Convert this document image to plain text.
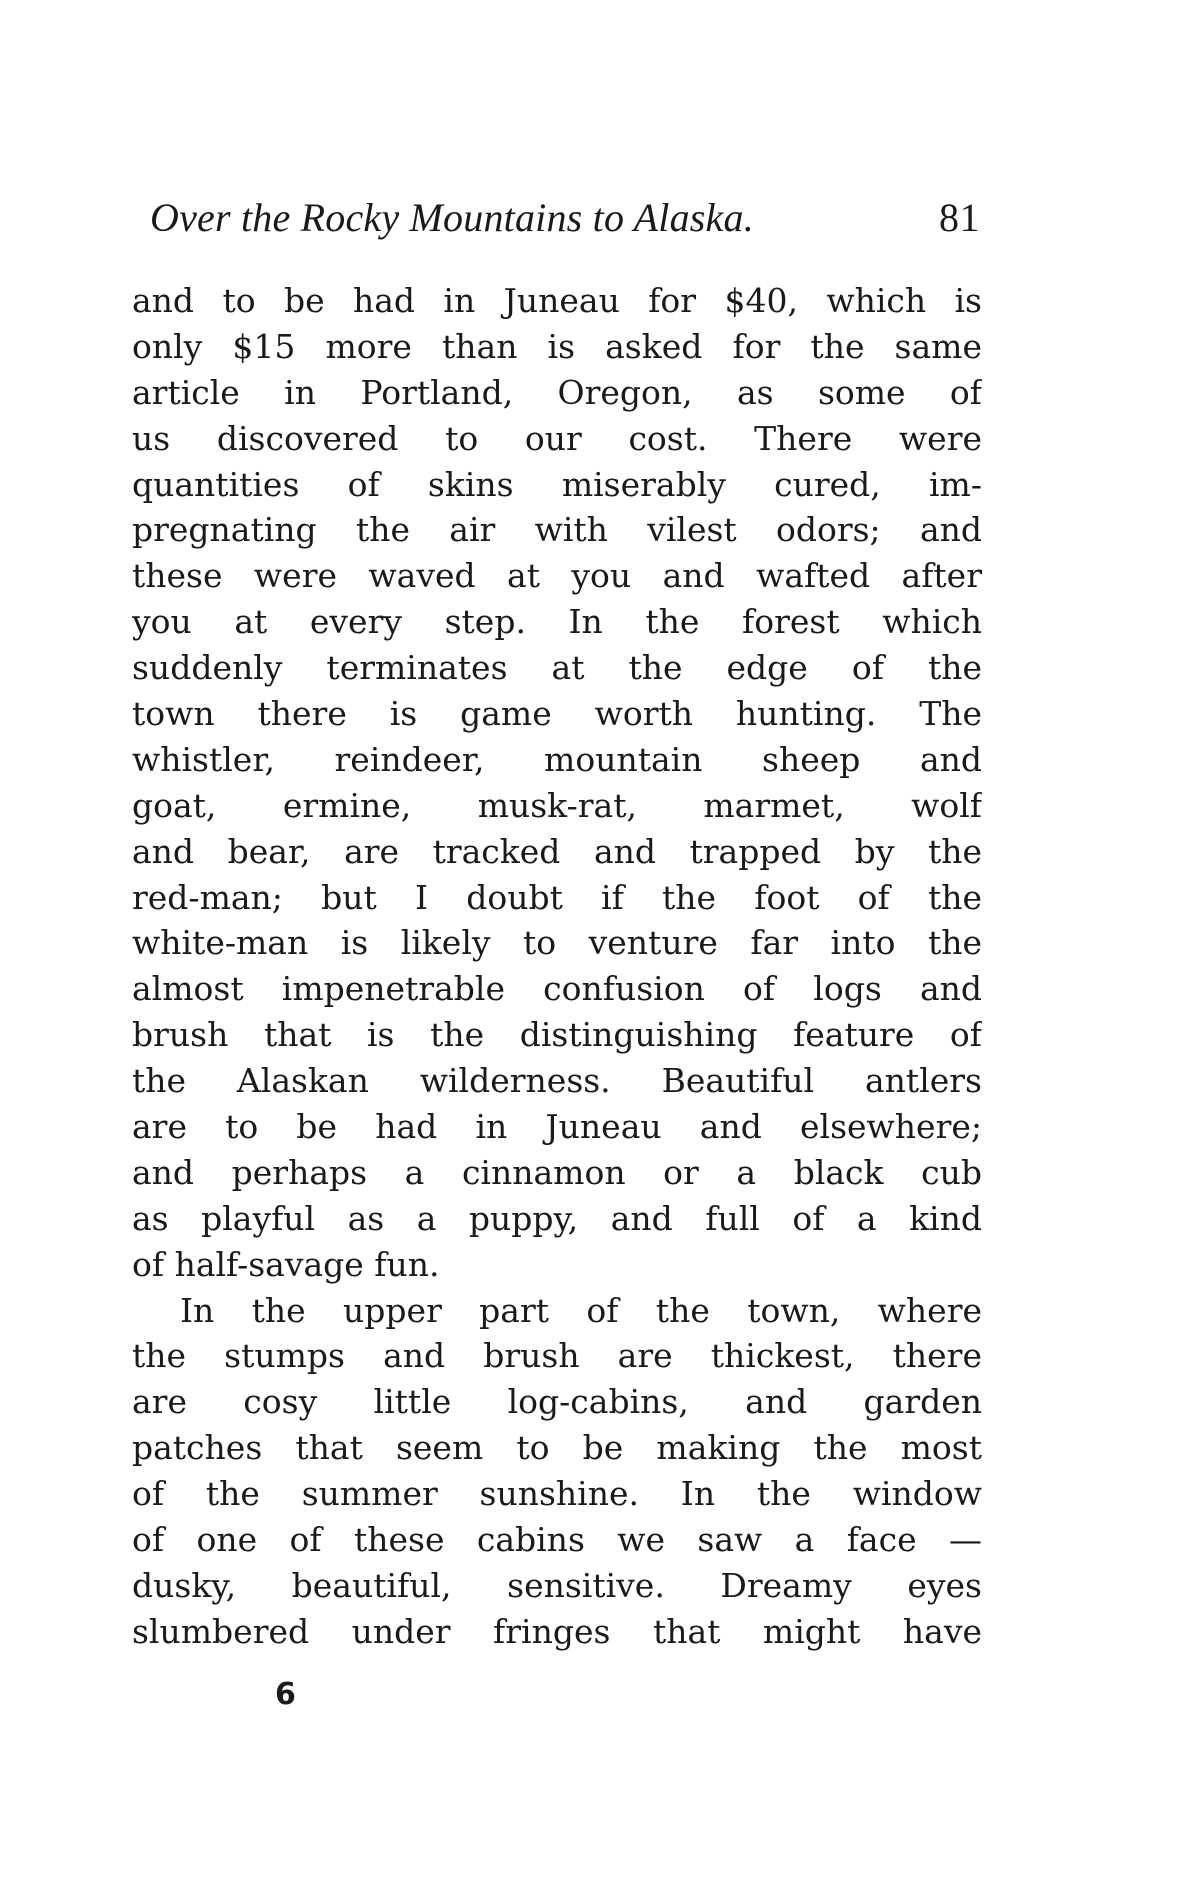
Over the Rocky Mountains to Alaska.	81
and to be had in Juneau for $40, which is
only $15 more than is asked for the same
article in Portland, Oregon, as some of
us discovered to our cost. There were
quantities of skins miserably cured, im-
pregnating the air with vilest odors; and
these were waved at you and wafted after
you at every step. In the forest which
suddenly terminates at the edge of the
town there is game worth hunting. The
whistler, reindeer, mountain sheep and
goat, ermine, musk-rat, marmet, wolf
and bear, are tracked and trapped by the
red-man; but I doubt if the foot of the
white-man is likely to venture far into the
almost impenetrable confusion of logs and
brush that is the distinguishing feature of
the Alaskan wilderness. Beautiful antlers
are to be had in Juneau and elsewhere;
and perhaps a cinnamon or a black cub
as playful as a puppy, and full of a kind
of half-savage fun.
In the upper part of the town, where
the stumps and brush are thickest, there
are cosy little log-cabins, and garden
patches that seem to be making the most
of the summer sunshine. In the window
of one of these cabins we saw a face —
dusky, beautiful, sensitive. Dreamy eyes
slumbered under fringes that might have
6
